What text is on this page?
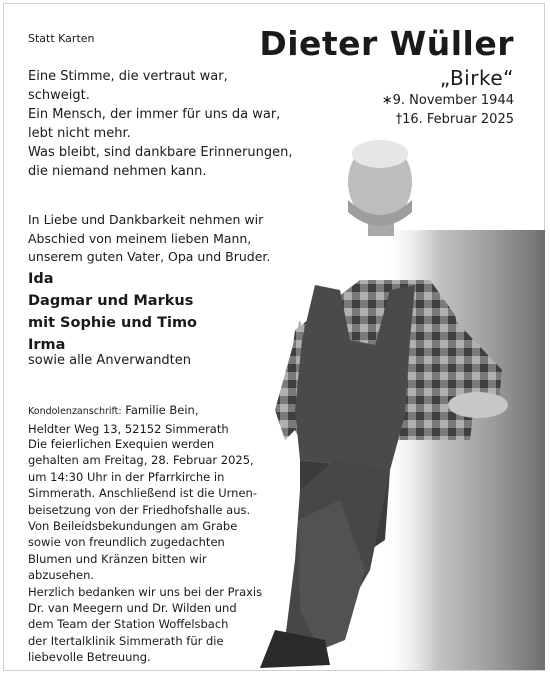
Statt Karten	Dieter Wüller
„Birke“
∗9. November 1944
†16. Februar 2025
Eine Stimme, die vertraut war,
schweigt.
Ein Mensch, der immer für uns da war,
lebt nicht mehr.
Was bleibt, sind dankbare Erinnerungen,
die niemand nehmen kann.
In Liebe und Dankbarkeit nehmen wir
Abschied von meinem lieben Mann,
unserem guten Vater, Opa und Bruder.
Ida
Dagmar und Markus
mit Sophie und Timo
Irma
sowie alle Anverwandten
Kondolenzanschrift: Familie Bein,
Heldter Weg 13, 52152 Simmerath
Die feierlichen Exequien werden
gehalten am Freitag, 28. Februar 2025,
um 14:30 Uhr in der Pfarrkirche in
Simmerath. Anschließend ist die Urnen-
beisetzung von der Friedhofshalle aus.
Von Beileidsbekundungen am Grabe
sowie von freundlich zugedachten
Blumen und Kränzen bitten wir
abzusehen.
Herzlich bedanken wir uns bei der Praxis
Dr. van Meegern und Dr. Wilden und
dem Team der Station Woffelsbach
der Itertalklinik Simmerath für die
liebevolle Betreuung.
